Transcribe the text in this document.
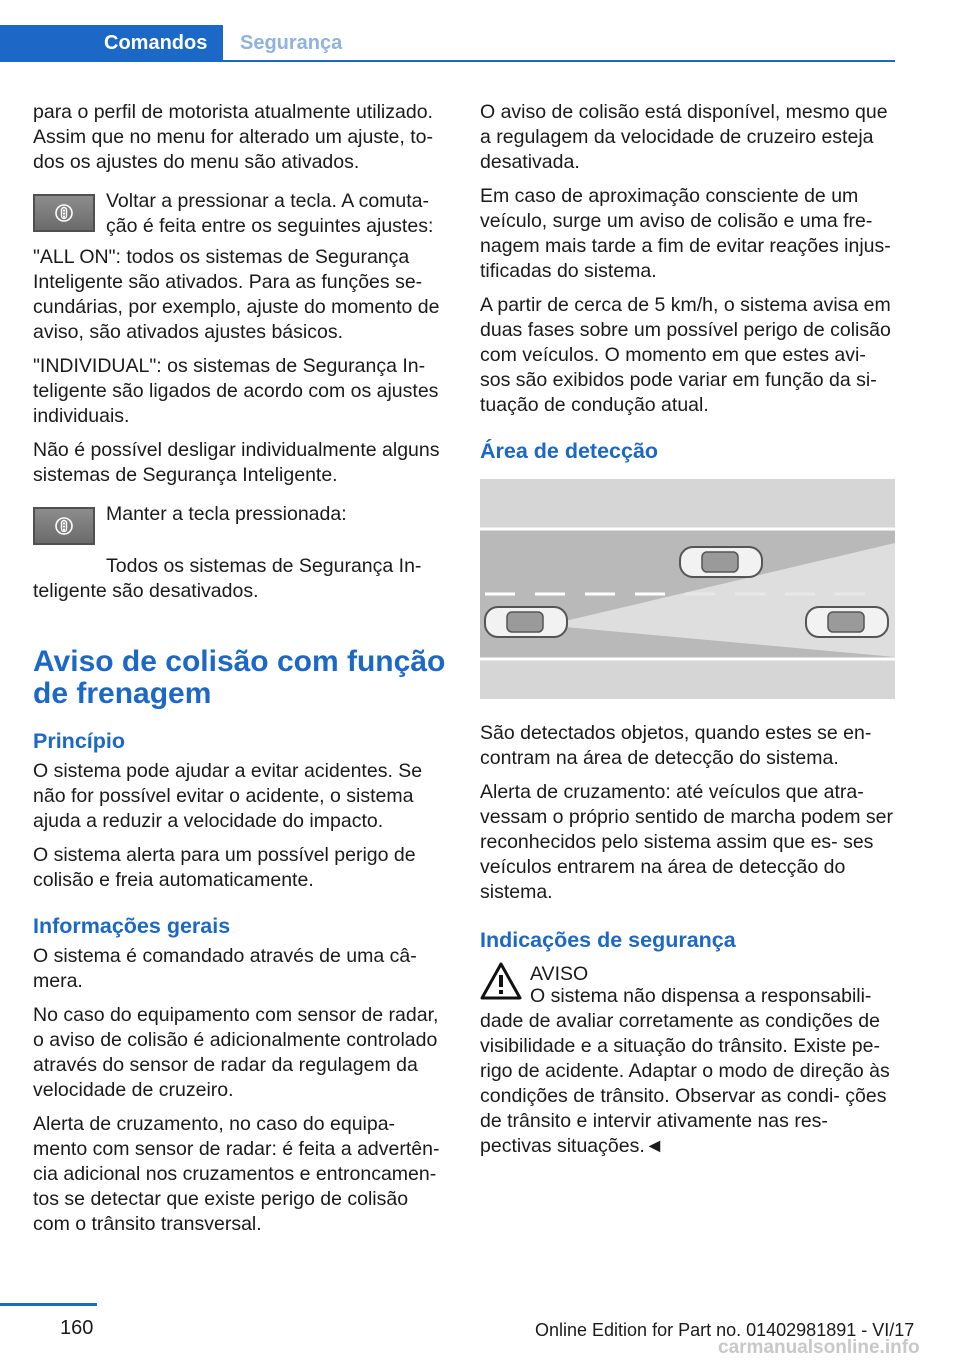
Comandos	Segurança

para o perfil de motorista atualmente utilizado. Assim que no menu for alterado um ajuste, to‐ dos os ajustes do menu são ativados.

Voltar a pressionar a tecla. A comuta‐ ção é feita entre os seguintes ajustes:

"ALL ON": todos os sistemas de Segurança Inteligente são ativados. Para as funções se‐ cundárias, por exemplo, ajuste do momento de aviso, são ativados ajustes básicos.

"INDIVIDUAL": os sistemas de Segurança In‐ teligente são ligados de acordo com os ajustes individuais.

Não é possível desligar individualmente alguns sistemas de Segurança Inteligente.

Manter a tecla pressionada:

Todos os sistemas de Segurança In‐ teligente são desativados.

Aviso de colisão com função de frenagem
Princípio

O sistema pode ajudar a evitar acidentes. Se não for possível evitar o acidente, o sistema ajuda a reduzir a velocidade do impacto.

O sistema alerta para um possível perigo de colisão e freia automaticamente.

Informações gerais

O sistema é comandado através de uma câ‐ mera.

No caso do equipamento com sensor de radar, o aviso de colisão é adicionalmente controlado através do sensor de radar da regulagem da velocidade de cruzeiro.

Alerta de cruzamento, no caso do equipa‐ mento com sensor de radar: é feita a advertên‐ cia adicional nos cruzamentos e entroncamen‐ tos se detectar que existe perigo de colisão com o trânsito transversal.

O aviso de colisão está disponível, mesmo que a regulagem da velocidade de cruzeiro esteja desativada.

Em caso de aproximação consciente de um veículo, surge um aviso de colisão e uma fre‐ nagem mais tarde a fim de evitar reações injus‐ tificadas do sistema.

A partir de cerca de 5 km/h, o sistema avisa em duas fases sobre um possível perigo de colisão com veículos. O momento em que estes avi‐ sos são exibidos pode variar em função da si‐ tuação de condução atual.

Área de detecção

São detectados objetos, quando estes se en‐ contram na área de detecção do sistema.

Alerta de cruzamento: até veículos que atra‐ vessam o próprio sentido de marcha podem ser reconhecidos pelo sistema assim que es‐ ses veículos entrarem na área de detecção do sistema.

Indicações de segurança

AVISO

O sistema não dispensa a responsabili‐ dade de avaliar corretamente as condições de visibilidade e a situação do trânsito. Existe pe‐ rigo de acidente. Adaptar o modo de direção às condições de trânsito. Observar as condi‐ ções de trânsito e intervir ativamente nas res‐ pectivas situações.◄

160	Online Edition for Part no. 01402981891 - VI/17
carmanualsonline.info
